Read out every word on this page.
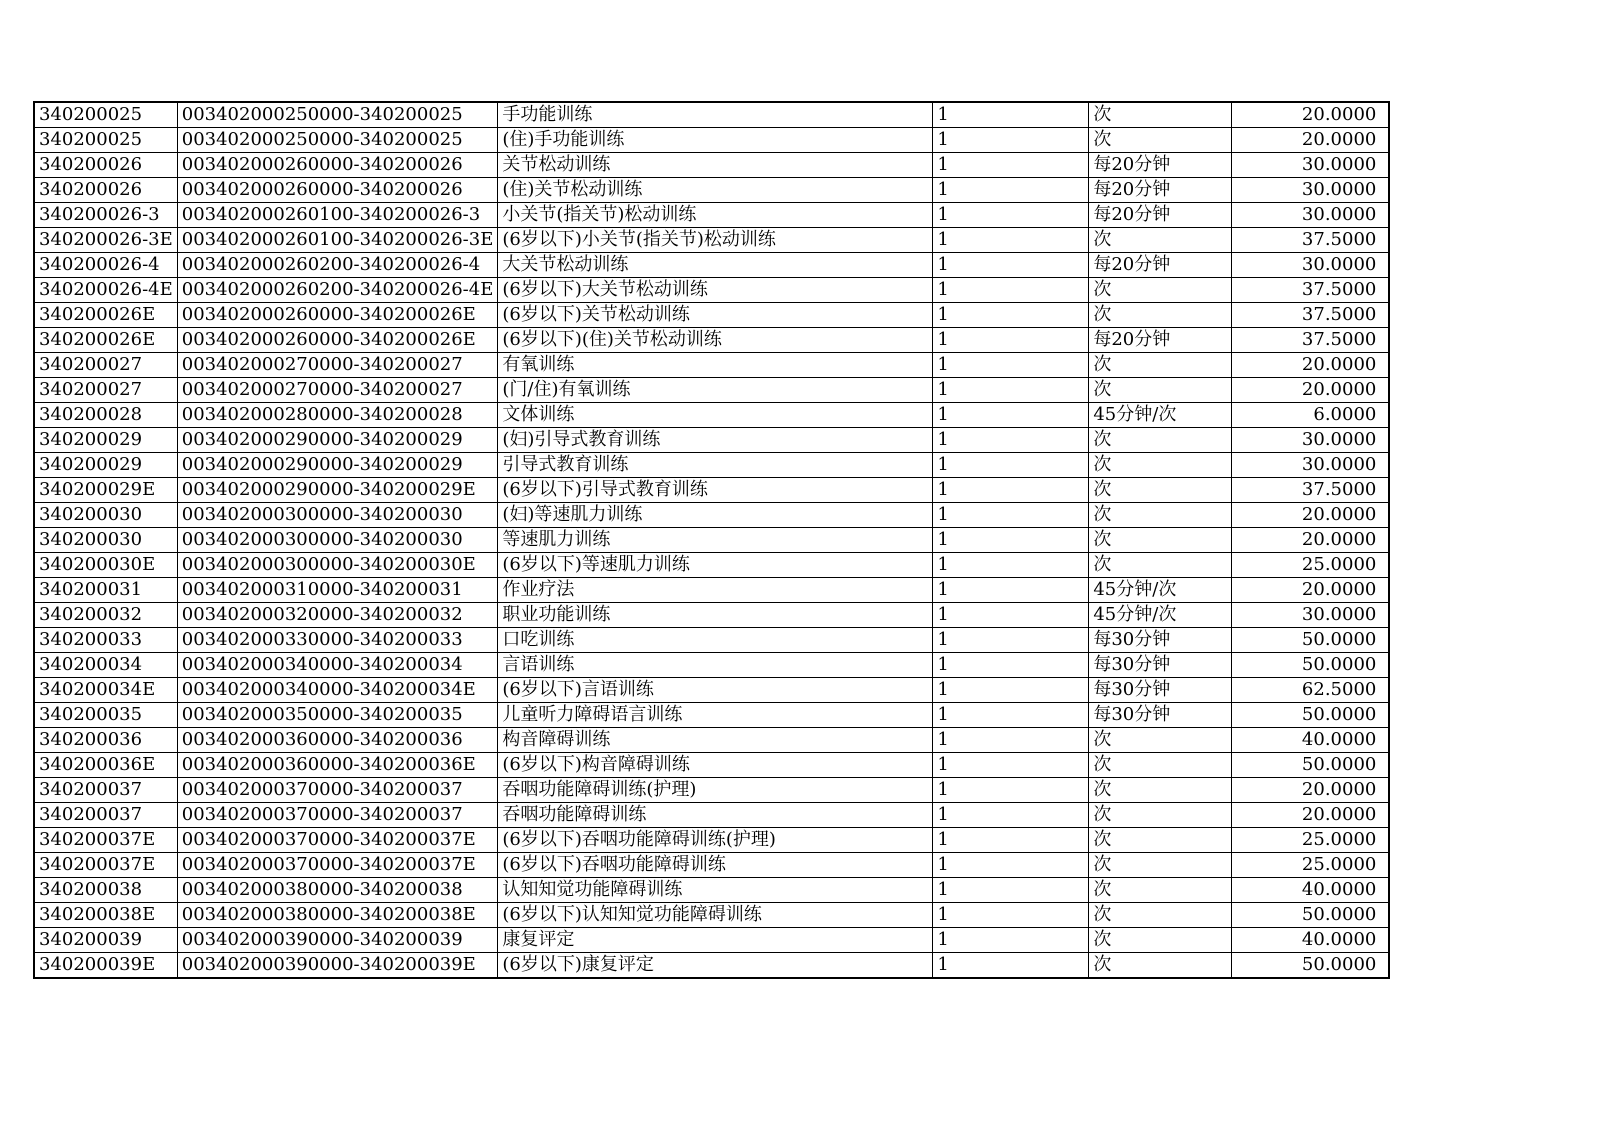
340200025	003402000250000-340200025	手功能训练	1	次	20.0000
340200025	003402000250000-340200025	(住)手功能训练	1	次	20.0000
340200026	003402000260000-340200026	关节松动训练	1	每20分钟	30.0000
340200026	003402000260000-340200026	(住)关节松动训练	1	每20分钟	30.0000
340200026-3	003402000260100-340200026-3	小关节(指关节)松动训练	1	每20分钟	30.0000
340200026-3E	003402000260100-340200026-3E	(6岁以下)小关节(指关节)松动训练	1	次	37.5000
340200026-4	003402000260200-340200026-4	大关节松动训练	1	每20分钟	30.0000
340200026-4E	003402000260200-340200026-4E	(6岁以下)大关节松动训练	1	次	37.5000
340200026E	003402000260000-340200026E	(6岁以下)关节松动训练	1	次	37.5000
340200026E	003402000260000-340200026E	(6岁以下)(住)关节松动训练	1	每20分钟	37.5000
340200027	003402000270000-340200027	有氧训练	1	次	20.0000
340200027	003402000270000-340200027	(门/住)有氧训练	1	次	20.0000
340200028	003402000280000-340200028	文体训练	1	45分钟/次	6.0000
340200029	003402000290000-340200029	(妇)引导式教育训练	1	次	30.0000
340200029	003402000290000-340200029	引导式教育训练	1	次	30.0000
340200029E	003402000290000-340200029E	(6岁以下)引导式教育训练	1	次	37.5000
340200030	003402000300000-340200030	(妇)等速肌力训练	1	次	20.0000
340200030	003402000300000-340200030	等速肌力训练	1	次	20.0000
340200030E	003402000300000-340200030E	(6岁以下)等速肌力训练	1	次	25.0000
340200031	003402000310000-340200031	作业疗法	1	45分钟/次	20.0000
340200032	003402000320000-340200032	职业功能训练	1	45分钟/次	30.0000
340200033	003402000330000-340200033	口吃训练	1	每30分钟	50.0000
340200034	003402000340000-340200034	言语训练	1	每30分钟	50.0000
340200034E	003402000340000-340200034E	(6岁以下)言语训练	1	每30分钟	62.5000
340200035	003402000350000-340200035	儿童听力障碍语言训练	1	每30分钟	50.0000
340200036	003402000360000-340200036	构音障碍训练	1	次	40.0000
340200036E	003402000360000-340200036E	(6岁以下)构音障碍训练	1	次	50.0000
340200037	003402000370000-340200037	吞咽功能障碍训练(护理)	1	次	20.0000
340200037	003402000370000-340200037	吞咽功能障碍训练	1	次	20.0000
340200037E	003402000370000-340200037E	(6岁以下)吞咽功能障碍训练(护理)	1	次	25.0000
340200037E	003402000370000-340200037E	(6岁以下)吞咽功能障碍训练	1	次	25.0000
340200038	003402000380000-340200038	认知知觉功能障碍训练	1	次	40.0000
340200038E	003402000380000-340200038E	(6岁以下)认知知觉功能障碍训练	1	次	50.0000
340200039	003402000390000-340200039	康复评定	1	次	40.0000
340200039E	003402000390000-340200039E	(6岁以下)康复评定	1	次	50.0000
